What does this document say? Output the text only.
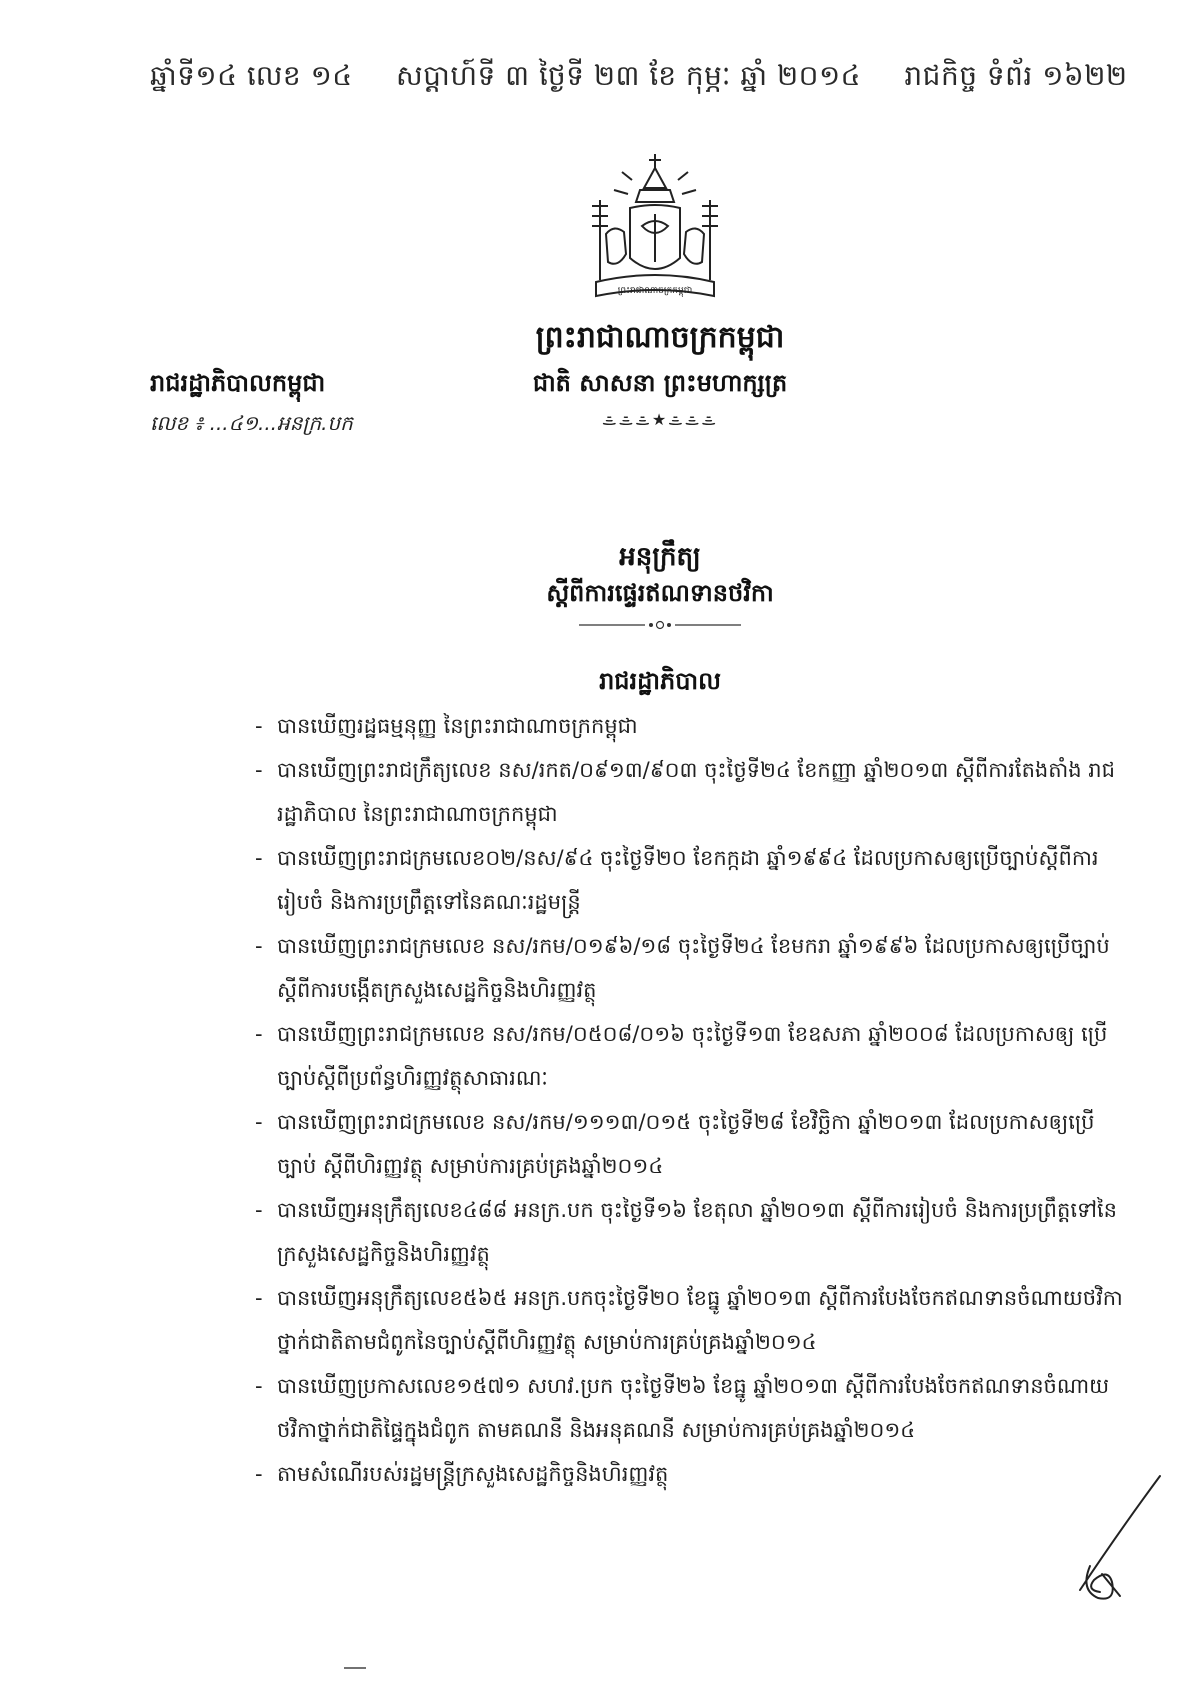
ឆ្នាំទី១៤ លេខ ១៤ សប្តាហ៍ទី ៣ ថ្ងៃទី ២៣ ខែ កុម្ភៈ ឆ្នាំ ២០១៤ រាជកិច្ច ទំព័រ ១៦២២
ព្រះរាជាណាចក្រកម្ពុជា
ព្រះរាជាណាចក្រកម្ពុជា
ជាតិ សាសនា ព្រះមហាក្សត្រ
ᯥᯥᯥ★ᯥᯥᯥ
រាជរដ្ឋាភិបាលកម្ពុជា
លេខ ៖ ...៤១...អនក្រ.បក
អនុក្រឹត្យ
ស្តីពីការផ្ទេរឥណទានថវិកា
រាជរដ្ឋាភិបាល
- បានឃើញរដ្ឋធម្មនុញ្ញ នៃព្រះរាជាណាចក្រកម្ពុជា
- បានឃើញព្រះរាជក្រឹត្យលេខ នស/រកត/០៩១៣/៩០៣ ចុះថ្ងៃទី២៤ ខែកញ្ញា ឆ្នាំ២០១៣ ស្តីពីការតែងតាំង រាជរដ្ឋាភិបាល នៃព្រះរាជាណាចក្រកម្ពុជា
- បានឃើញព្រះរាជក្រមលេខ០២/នស/៩៤ ចុះថ្ងៃទី២០ ខែកក្កដា ឆ្នាំ១៩៩៤ ដែលប្រកាសឲ្យប្រើច្បាប់ស្តីពីការរៀបចំ និងការប្រព្រឹត្តទៅនៃគណៈរដ្ឋមន្ត្រី
- បានឃើញព្រះរាជក្រមលេខ នស/រកម/០១៩៦/១៨ ចុះថ្ងៃទី២៤ ខែមករា ឆ្នាំ១៩៩៦ ដែលប្រកាសឲ្យប្រើច្បាប់ស្តីពីការបង្កើតក្រសួងសេដ្ឋកិច្ចនិងហិរញ្ញវត្ថុ
- បានឃើញព្រះរាជក្រមលេខ នស/រកម/០៥០៨/០១៦ ចុះថ្ងៃទី១៣ ខែឧសភា ឆ្នាំ២០០៨ ដែលប្រកាសឲ្យ ប្រើច្បាប់ស្តីពីប្រព័ន្ធហិរញ្ញវត្ថុសាធារណៈ
- បានឃើញព្រះរាជក្រមលេខ នស/រកម/១១១៣/០១៥ ចុះថ្ងៃទី២៨ ខែវិច្ឆិកា ឆ្នាំ២០១៣ ដែលប្រកាសឲ្យប្រើច្បាប់ ស្តីពីហិរញ្ញវត្ថុ សម្រាប់ការគ្រប់គ្រងឆ្នាំ២០១៤
- បានឃើញអនុក្រឹត្យលេខ៤៨៨ អនក្រ.បក ចុះថ្ងៃទី១៦ ខែតុលា ឆ្នាំ២០១៣ ស្តីពីការរៀបចំ និងការប្រព្រឹត្តទៅនៃក្រសួងសេដ្ឋកិច្ចនិងហិរញ្ញវត្ថុ
- បានឃើញអនុក្រឹត្យលេខ៥៦៥ អនក្រ.បកចុះថ្ងៃទី២០ ខែធ្នូ ឆ្នាំ២០១៣ ស្តីពីការបែងចែកឥណទានចំណាយថវិកាថ្នាក់ជាតិតាមជំពូកនៃច្បាប់ស្តីពីហិរញ្ញវត្ថុ សម្រាប់ការគ្រប់គ្រងឆ្នាំ២០១៤
- បានឃើញប្រកាសលេខ១៥៧១ សហវ.ប្រក ចុះថ្ងៃទី២៦ ខែធ្នូ ឆ្នាំ២០១៣ ស្តីពីការបែងចែកឥណទានចំណាយថវិកាថ្នាក់ជាតិផ្ទៃក្នុងជំពូក តាមគណនី និងអនុគណនី សម្រាប់ការគ្រប់គ្រងឆ្នាំ២០១៤
- តាមសំណើរបស់រដ្ឋមន្ត្រីក្រសួងសេដ្ឋកិច្ចនិងហិរញ្ញវត្ថុ
